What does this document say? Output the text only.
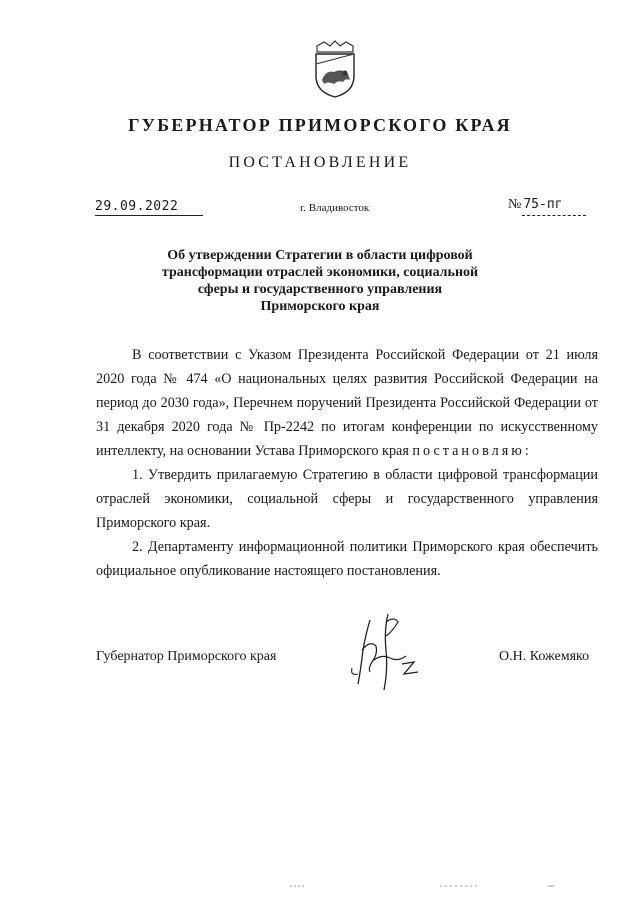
ГУБЕРНАТОР ПРИМОРСКОГО КРАЯ
ПОСТАНОВЛЕНИЕ
29.09.2022	г. Владивосток	№ 75-пг
Об утверждении Стратегии в области цифровой
трансформации отраслей экономики, социальной
сферы и государственного управления
Приморского края

В соответствии с Указом Президента Российской Федерации от 21 июля 2020 года № 474 «О национальных целях развития Российской Федерации на период до 2030 года», Перечнем поручений Президента Российской Федерации от 31 декабря 2020 года № Пр-2242 по итогам конференции по искусственному интеллекту, на основании Устава Приморского края постановляю:

1. Утвердить прилагаемую Стратегию в области цифровой трансформации отраслей экономики, социальной сферы и государственного управления Приморского края.

2. Департаменту информационной политики Приморского края обеспечить официальное опубликование настоящего постановления.

Губернатор Приморского края	О.Н. Кожемяко
